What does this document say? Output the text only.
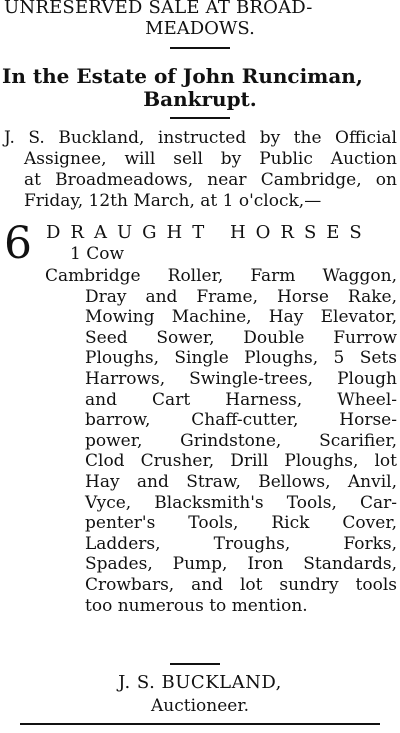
UNRESERVED SALE AT BROAD-
MEADOWS.
In the Estate of John Runciman,
Bankrupt.
J. S. Buckland, instructed by the Official
Assignee, will sell by Public Auction
at Broadmeadows, near Cambridge, on
Friday, 12th March, at 1 o'clock,—
6 DRAUGHT HORSES
1 Cow
Cambridge Roller, Farm Waggon,
Dray and Frame, Horse Rake,
Mowing Machine, Hay Elevator,
Seed Sower, Double Furrow
Ploughs, Single Ploughs, 5 Sets
Harrows, Swingle-trees, Plough
and Cart Harness, Wheel-
barrow, Chaff-cutter, Horse-
power, Grindstone, Scarifier,
Clod Crusher, Drill Ploughs, lot
Hay and Straw, Bellows, Anvil,
Vyce, Blacksmith's Tools, Car-
penter's Tools, Rick Cover,
Ladders, Troughs, Forks,
Spades, Pump, Iron Standards,
Crowbars, and lot sundry tools
too numerous to mention.
J. S. BUCKLAND,
Auctioneer.
